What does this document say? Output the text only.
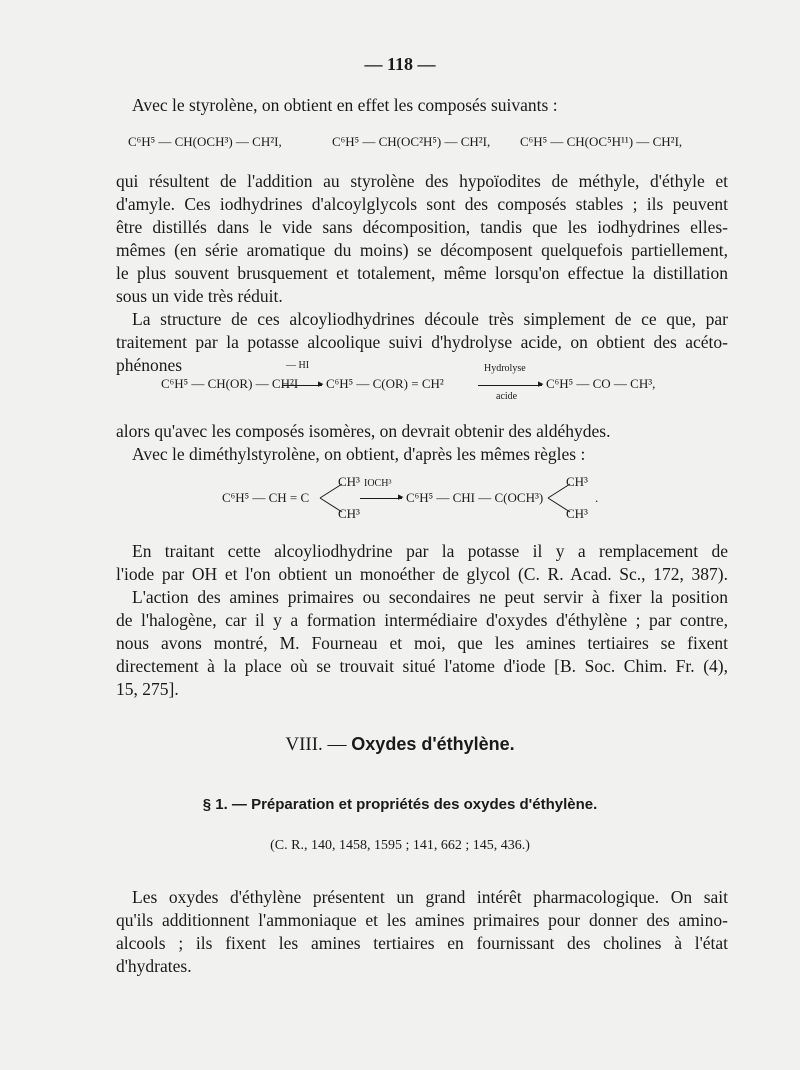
— 118 —
Avec le styrolène, on obtient en effet les composés suivants :
C⁶H⁵ — CH(OCH³) — CH²I,	C⁶H⁵ — CH(OC²H⁵) — CH²I, C⁶H⁵ — CH(OC⁵H¹¹) — CH²I,
qui résultent de l'addition au styrolène des hypoïodites de méthyle, d'éthyle et
d'amyle. Ces iodhydrines d'alcoylglycols sont des composés stables ; ils peuvent
être distillés dans le vide sans décomposition, tandis que les iodhydrines elles-
mêmes (en série aromatique du moins) se décomposent quelquefois partiellement,
le plus souvent brusquement et totalement, même lorsqu'on effectue la distillation
sous un vide très réduit.
La structure de ces alcoyliodhydrines découle très simplement de ce que, par
traitement par la potasse alcoolique suivi d'hydrolyse acide, on obtient des acéto-
phénones
C⁶H⁵ — CH(OR) — CH²I
— HI
▸ C⁶H⁵ — C(OR) = CH²
Hydrolyse
▸
acide
C⁶H⁵ — CO — CH³,
alors qu'avec les composés isomères, on devrait obtenir des aldéhydes.
Avec le diméthylstyrolène, on obtient, d'après les mêmes règles :
C⁶H⁵ — CH = C
CH³
CH³
IOCH³
▸ C⁶H⁵ — CHI — C(OCH³)
CH³
CH³
.
En traitant cette alcoyliodhydrine par la potasse il y a remplacement de
l'iode par OH et l'on obtient un monoéther de glycol (C. R. Acad. Sc., 172, 387).
L'action des amines primaires ou secondaires ne peut servir à fixer la position
de l'halogène, car il y a formation intermédiaire d'oxydes d'éthylène ; par contre,
nous avons montré, M. Fourneau et moi, que les amines tertiaires se fixent
directement à la place où se trouvait situé l'atome d'iode [B. Soc. Chim. Fr. (4),
15, 275].
VIII. — Oxydes d'éthylène.
§ 1. — Préparation et propriétés des oxydes d'éthylène.
(C. R., 140, 1458, 1595 ; 141, 662 ; 145, 436.)
Les oxydes d'éthylène présentent un grand intérêt pharmacologique. On sait
qu'ils additionnent l'ammoniaque et les amines primaires pour donner des amino-
alcools ; ils fixent les amines tertiaires en fournissant des cholines à l'état
d'hydrates.
